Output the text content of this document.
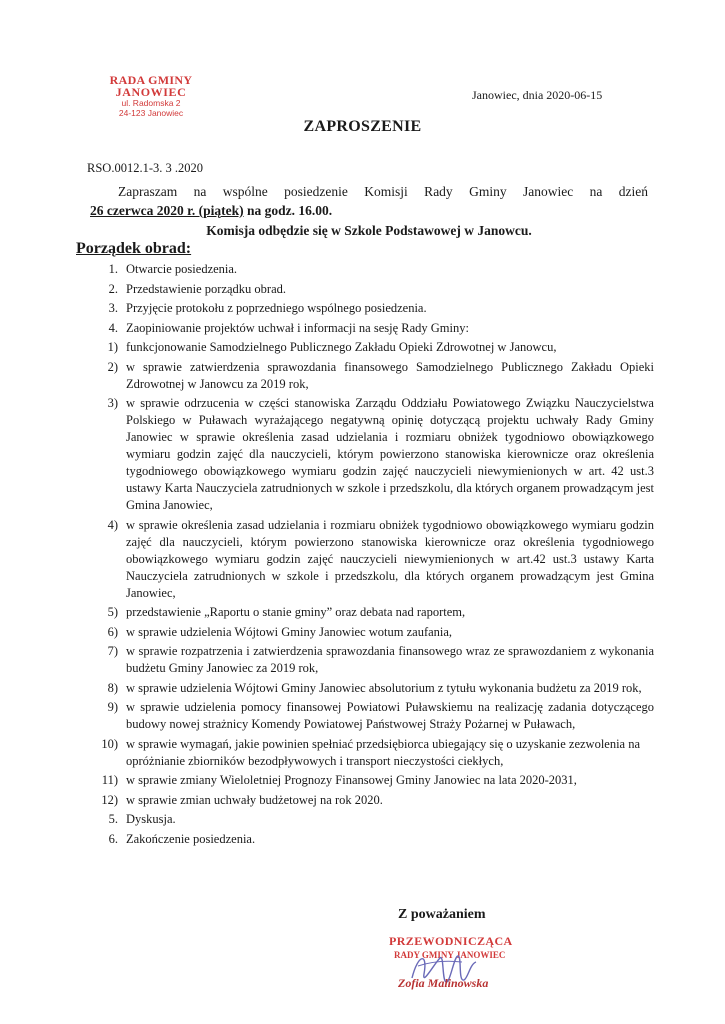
RADA GMINY
JANOWIEC
ul. Radomska 2
24-123 Janowiec
Janowiec, dnia 2020-06-15
ZAPROSZENIE
RSO.0012.1-3. 3 .2020

Zapraszam na wspólne posiedzenie Komisji Rady Gminy Janowiec na dzień

26 czerwca 2020 r. (piątek) na godz. 16.00.

Komisja odbędzie się w Szkole Podstawowej w Janowcu.

Porządek obrad:
1. Otwarcie posiedzenia.
2. Przedstawienie porządku obrad.
3. Przyjęcie protokołu z poprzedniego wspólnego posiedzenia.
4. Zaopiniowanie projektów uchwał i informacji na sesję Rady Gminy:
1) funkcjonowanie Samodzielnego Publicznego Zakładu Opieki Zdrowotnej w Janowcu,
2) w sprawie zatwierdzenia sprawozdania finansowego Samodzielnego Publicznego Zakładu Opieki Zdrowotnej w Janowcu za 2019 rok,
3) w sprawie odrzucenia w części stanowiska Zarządu Oddziału Powiatowego Związku Nauczycielstwa Polskiego w Puławach wyrażającego negatywną opinię dotyczącą projektu uchwały Rady Gminy Janowiec w sprawie określenia zasad udzielania i rozmiaru obniżek tygodniowo obowiązkowego wymiaru godzin zajęć dla nauczycieli, którym powierzono stanowiska kierownicze oraz określenia tygodniowego obowiązkowego wymiaru godzin zajęć nauczycieli niewymienionych w art. 42 ust.3 ustawy Karta Nauczyciela zatrudnionych w szkole i przedszkolu, dla których organem prowadzącym jest Gmina Janowiec,
4) w sprawie określenia zasad udzielania i rozmiaru obniżek tygodniowo obowiązkowego wymiaru godzin zajęć dla nauczycieli, którym powierzono stanowiska kierownicze oraz określenia tygodniowego obowiązkowego wymiaru godzin zajęć nauczycieli niewymienionych w art.42 ust.3 ustawy Karta Nauczyciela zatrudnionych w szkole i przedszkolu, dla których organem prowadzącym jest Gmina Janowiec,
5) przedstawienie „Raportu o stanie gminy” oraz debata nad raportem,
6) w sprawie udzielenia Wójtowi Gminy Janowiec wotum zaufania,
7) w sprawie rozpatrzenia i zatwierdzenia sprawozdania finansowego wraz ze sprawozdaniem z wykonania budżetu Gminy Janowiec za 2019 rok,
8) w sprawie udzielenia Wójtowi Gminy Janowiec absolutorium z tytułu wykonania budżetu za 2019 rok,
9) w sprawie udzielenia pomocy finansowej Powiatowi Puławskiemu na realizację zadania dotyczącego budowy nowej strażnicy Komendy Powiatowej Państwowej Straży Pożarnej w Puławach,
10) w sprawie wymagań, jakie powinien spełniać przedsiębiorca ubiegający się o uzyskanie zezwolenia na opróżnianie zbiorników bezodpływowych i transport nieczystości ciekłych,
11) w sprawie zmiany Wieloletniej Prognozy Finansowej Gminy Janowiec na lata 2020-2031,
12) w sprawie zmian uchwały budżetowej na rok 2020.
5. Dyskusja.
6. Zakończenie posiedzenia.
Z poważaniem
PRZEWODNICZĄCA
RADY GMINY JANOWIEC
Zofia Malinowska
